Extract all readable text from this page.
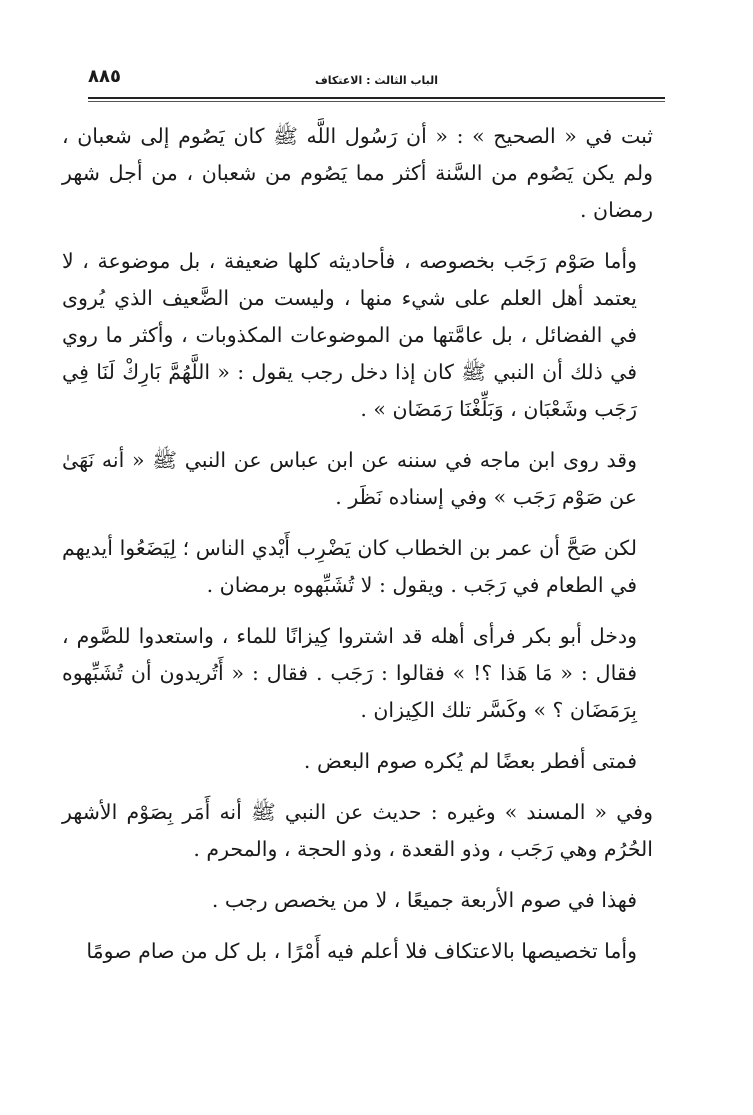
الباب الثالث : الاعتكاف
٨٨٥

ثبت في « الصحيح » : « أن رَسُول اللَّه ﷺ كان يَصُوم إلى شعبان ، ولم يكن يَصُوم من السَّنة أكثر مما يَصُوم من شعبان ، من أجل شهر رمضان .

وأما صَوْم رَجَب بخصوصه ، فأحاديثه كلها ضعيفة ، بل موضوعة ، لا يعتمد أهل العلم على شيء منها ، وليست من الضَّعيف الذي يُروى في الفضائل ، بل عامَّتها من الموضوعات المكذوبات ، وأكثر ما روي في ذلك أن النبي ﷺ كان إذا دخل رجب يقول : « اللَّهُمَّ بَارِكْ لَنَا فِي رَجَب وشَعْبَان ، وَبَلِّغْنَا رَمَضَان » .

وقد روى ابن ماجه في سننه عن ابن عباس عن النبي ﷺ « أنه نَهَىٰ عن صَوْم رَجَب » وفي إسناده نَظَر .

لكن صَحَّ أن عمر بن الخطاب كان يَضْرِب أَيْدي الناس ؛ لِيَضَعُوا أيديهم في الطعام في رَجَب . ويقول : لا تُشَبِّهوه برمضان .

ودخل أبو بكر فرأى أهله قد اشتروا كِيزانًا للماء ، واستعدوا للصَّوم ، فقال : « مَا هَذا ؟! » فقالوا : رَجَب . فقال : « أَتُريدون أن تُشَبِّهوه بِرَمَضَان ؟ » وكَسَّر تلك الكِيزان .

فمتى أفطر بعضًا لم يُكره صوم البعض .

وفي « المسند » وغيره : حديث عن النبي ﷺ أنه أَمَر بِصَوْم الأشهر الحُرُم وهي رَجَب ، وذو القعدة ، وذو الحجة ، والمحرم .

فهذا في صوم الأربعة جميعًا ، لا من يخصص رجب .

وأما تخصيصها بالاعتكاف فلا أعلم فيه أَمْرًا ، بل كل من صام صومًا
